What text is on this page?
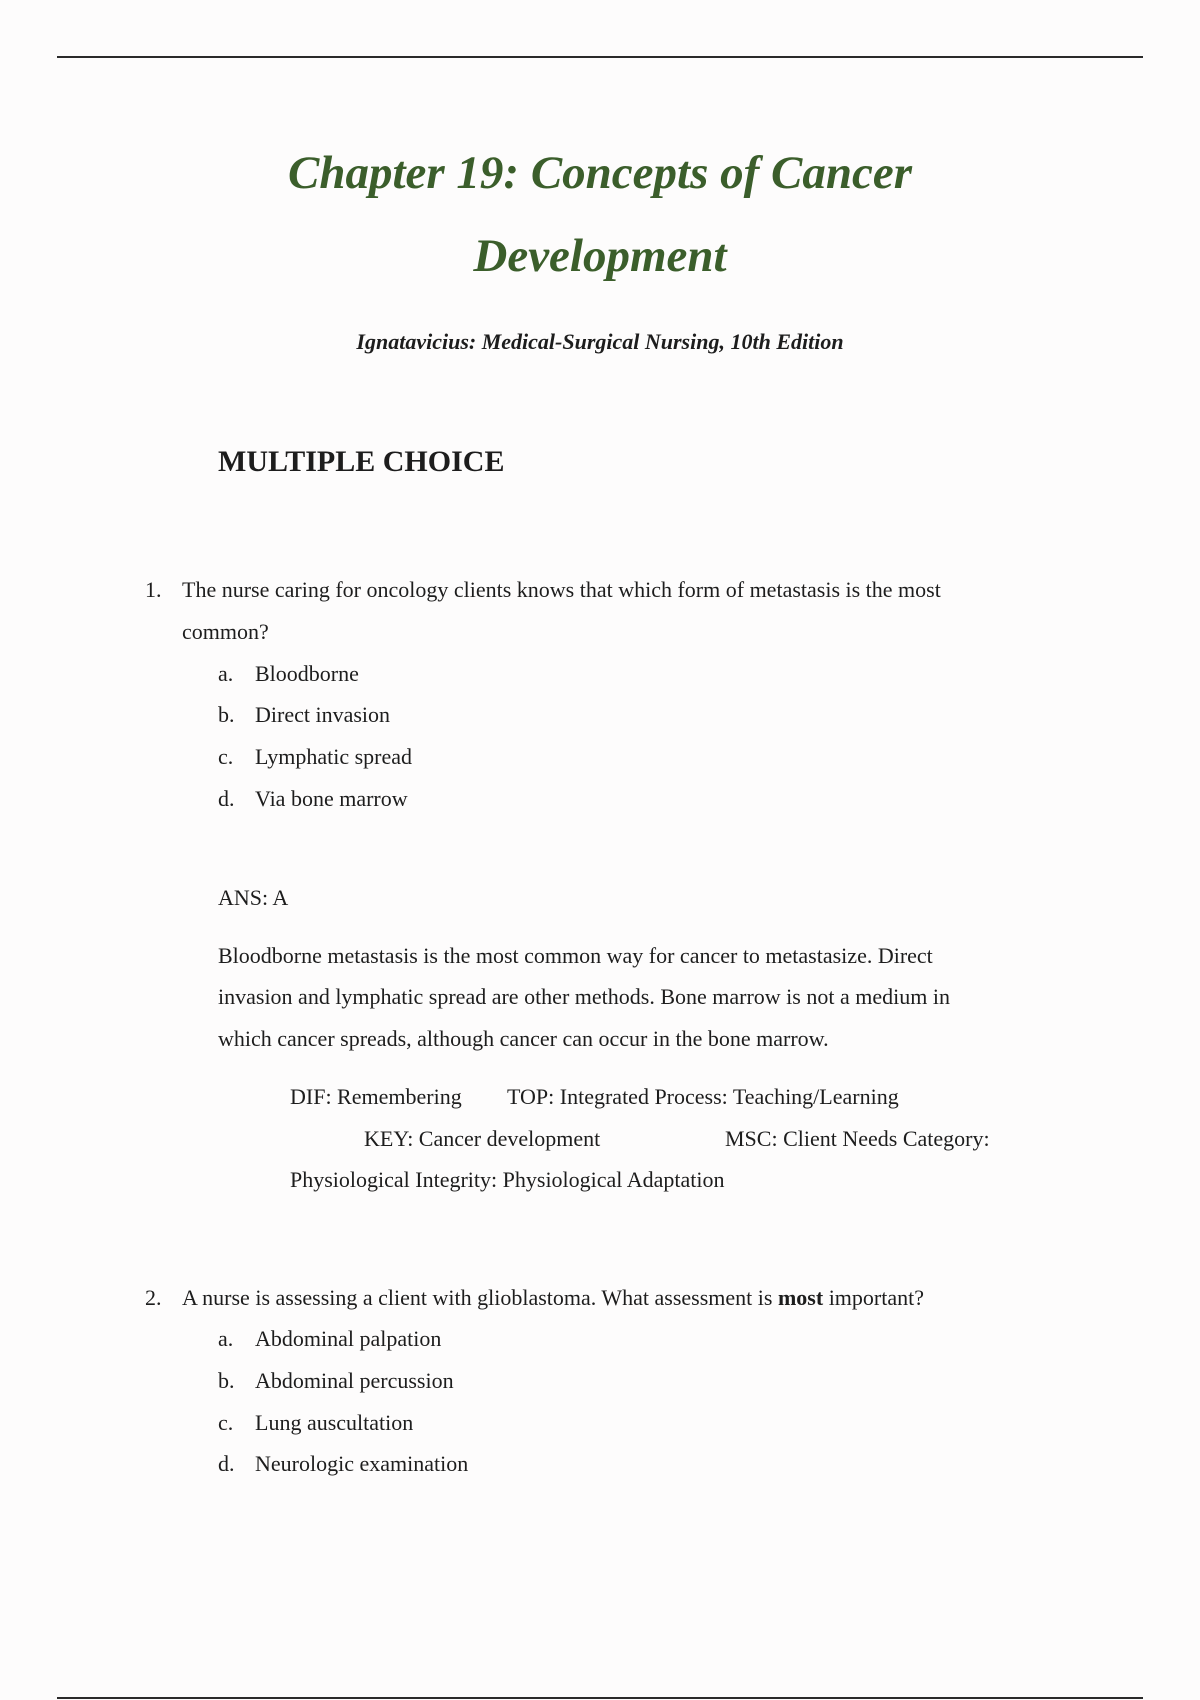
Chapter 19: Concepts of Cancer
Development
Ignatavicius: Medical-Surgical Nursing, 10th Edition
MULTIPLE CHOICE
1. The nurse caring for oncology clients knows that which form of metastasis is the most
common?
a. Bloodborne
b. Direct invasion
c. Lymphatic spread
d. Via bone marrow
ANS: A
Bloodborne metastasis is the most common way for cancer to metastasize. Direct
invasion and lymphatic spread are other methods. Bone marrow is not a medium in
which cancer spreads, although cancer can occur in the bone marrow.
DIF: Remembering TOP: Integrated Process: Teaching/Learning
KEY: Cancer development	MSC: Client Needs Category:
Physiological Integrity: Physiological Adaptation
2. A nurse is assessing a client with glioblastoma. What assessment is most important?
a. Abdominal palpation
b. Abdominal percussion
c. Lung auscultation
d. Neurologic examination
